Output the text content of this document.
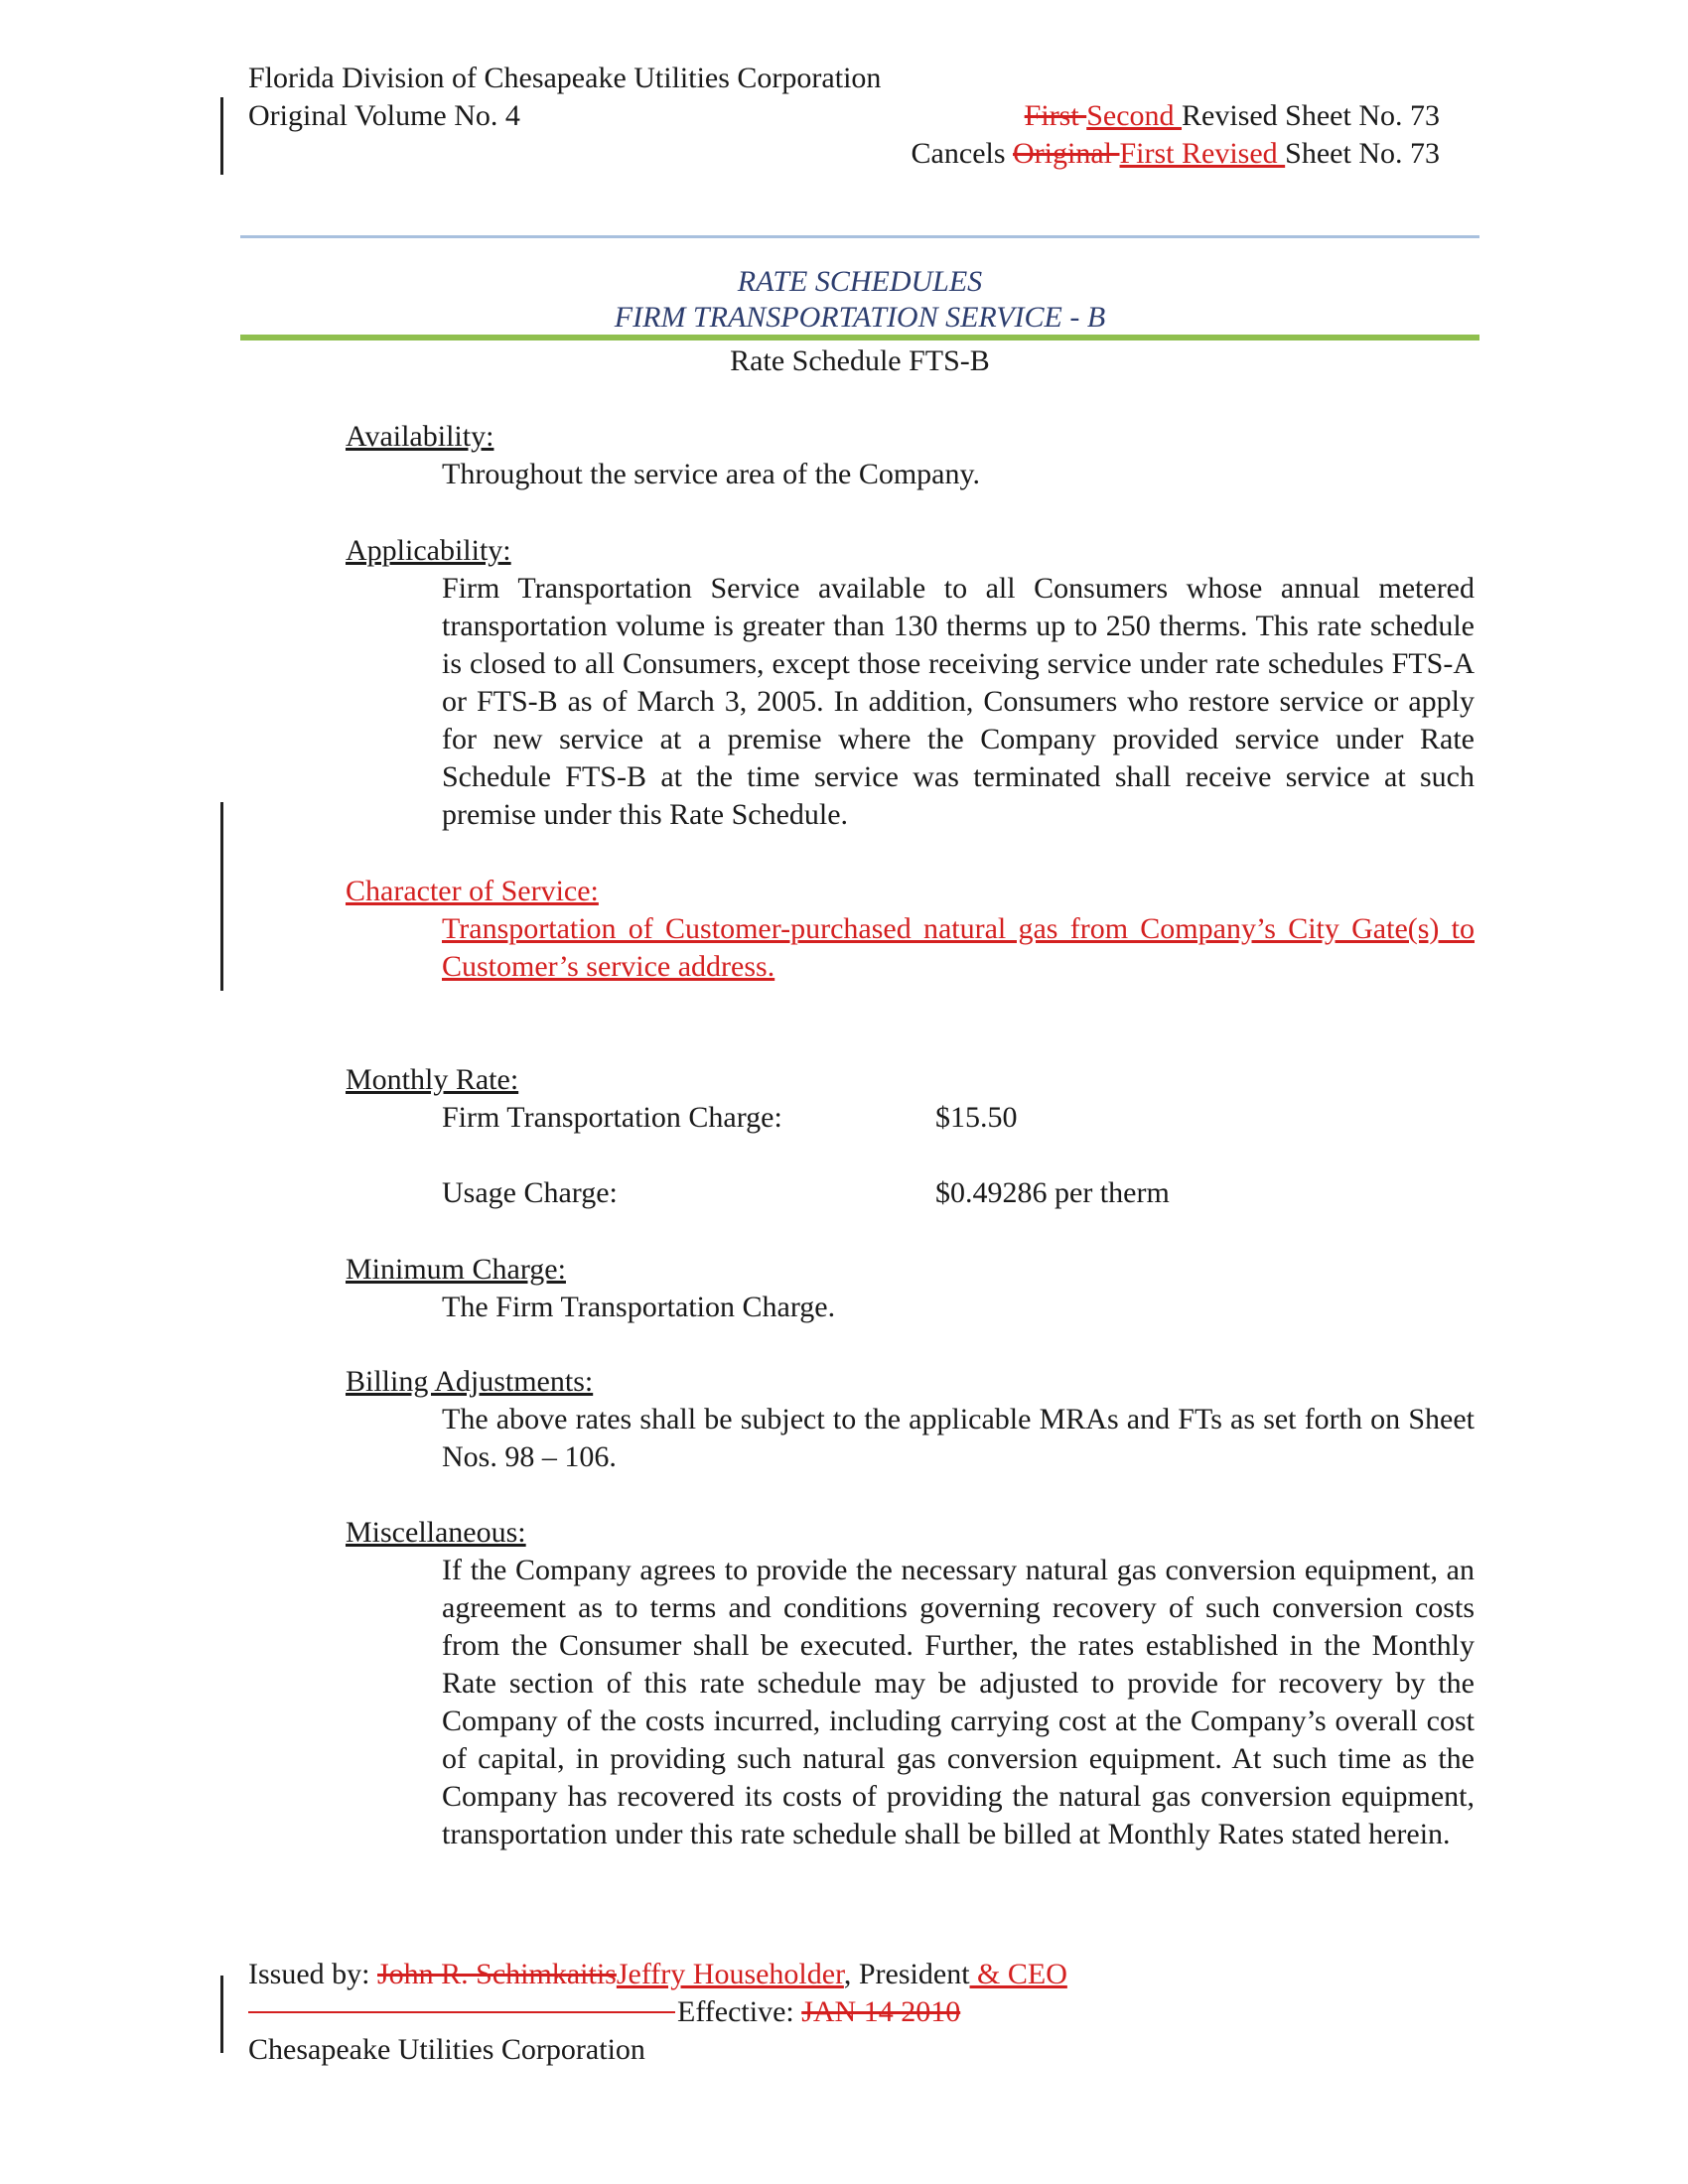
Florida Division of Chesapeake Utilities Corporation
Original Volume No. 4	First Second Revised Sheet No. 73
Cancels Original First Revised Sheet No. 73
RATE SCHEDULES
FIRM TRANSPORTATION SERVICE - B
Rate Schedule FTS-B
Availability:
Throughout the service area of the Company.
Applicability:
Firm Transportation Service available to all Consumers whose annual metered transportation volume is greater than 130 therms up to 250 therms. This rate schedule is closed to all Consumers, except those receiving service under rate schedules FTS-A or FTS-B as of March 3, 2005. In addition, Consumers who restore service or apply for new service at a premise where the Company provided service under Rate Schedule FTS-B at the time service was terminated shall receive service at such premise under this Rate Schedule.
Character of Service:
Transportation of Customer-purchased natural gas from Company’s City Gate(s) to Customer’s service address.
Monthly Rate:
Firm Transportation Charge:	$15.50
Usage Charge:	$0.49286 per therm
Minimum Charge:
The Firm Transportation Charge.
Billing Adjustments:
The above rates shall be subject to the applicable MRAs and FTs as set forth on Sheet Nos. 98 – 106.
Miscellaneous:
If the Company agrees to provide the necessary natural gas conversion equipment, an agreement as to terms and conditions governing recovery of such conversion costs from the Consumer shall be executed. Further, the rates established in the Monthly Rate section of this rate schedule may be adjusted to provide for recovery by the Company of the costs incurred, including carrying cost at the Company’s overall cost of capital, in providing such natural gas conversion equipment. At such time as the Company has recovered its costs of providing the natural gas conversion equipment, transportation under this rate schedule shall be billed at Monthly Rates stated herein.
Issued by: John R. SchimkaitisJeffry Householder, President & CEO
Effective: JAN 14 2010
Chesapeake Utilities Corporation
